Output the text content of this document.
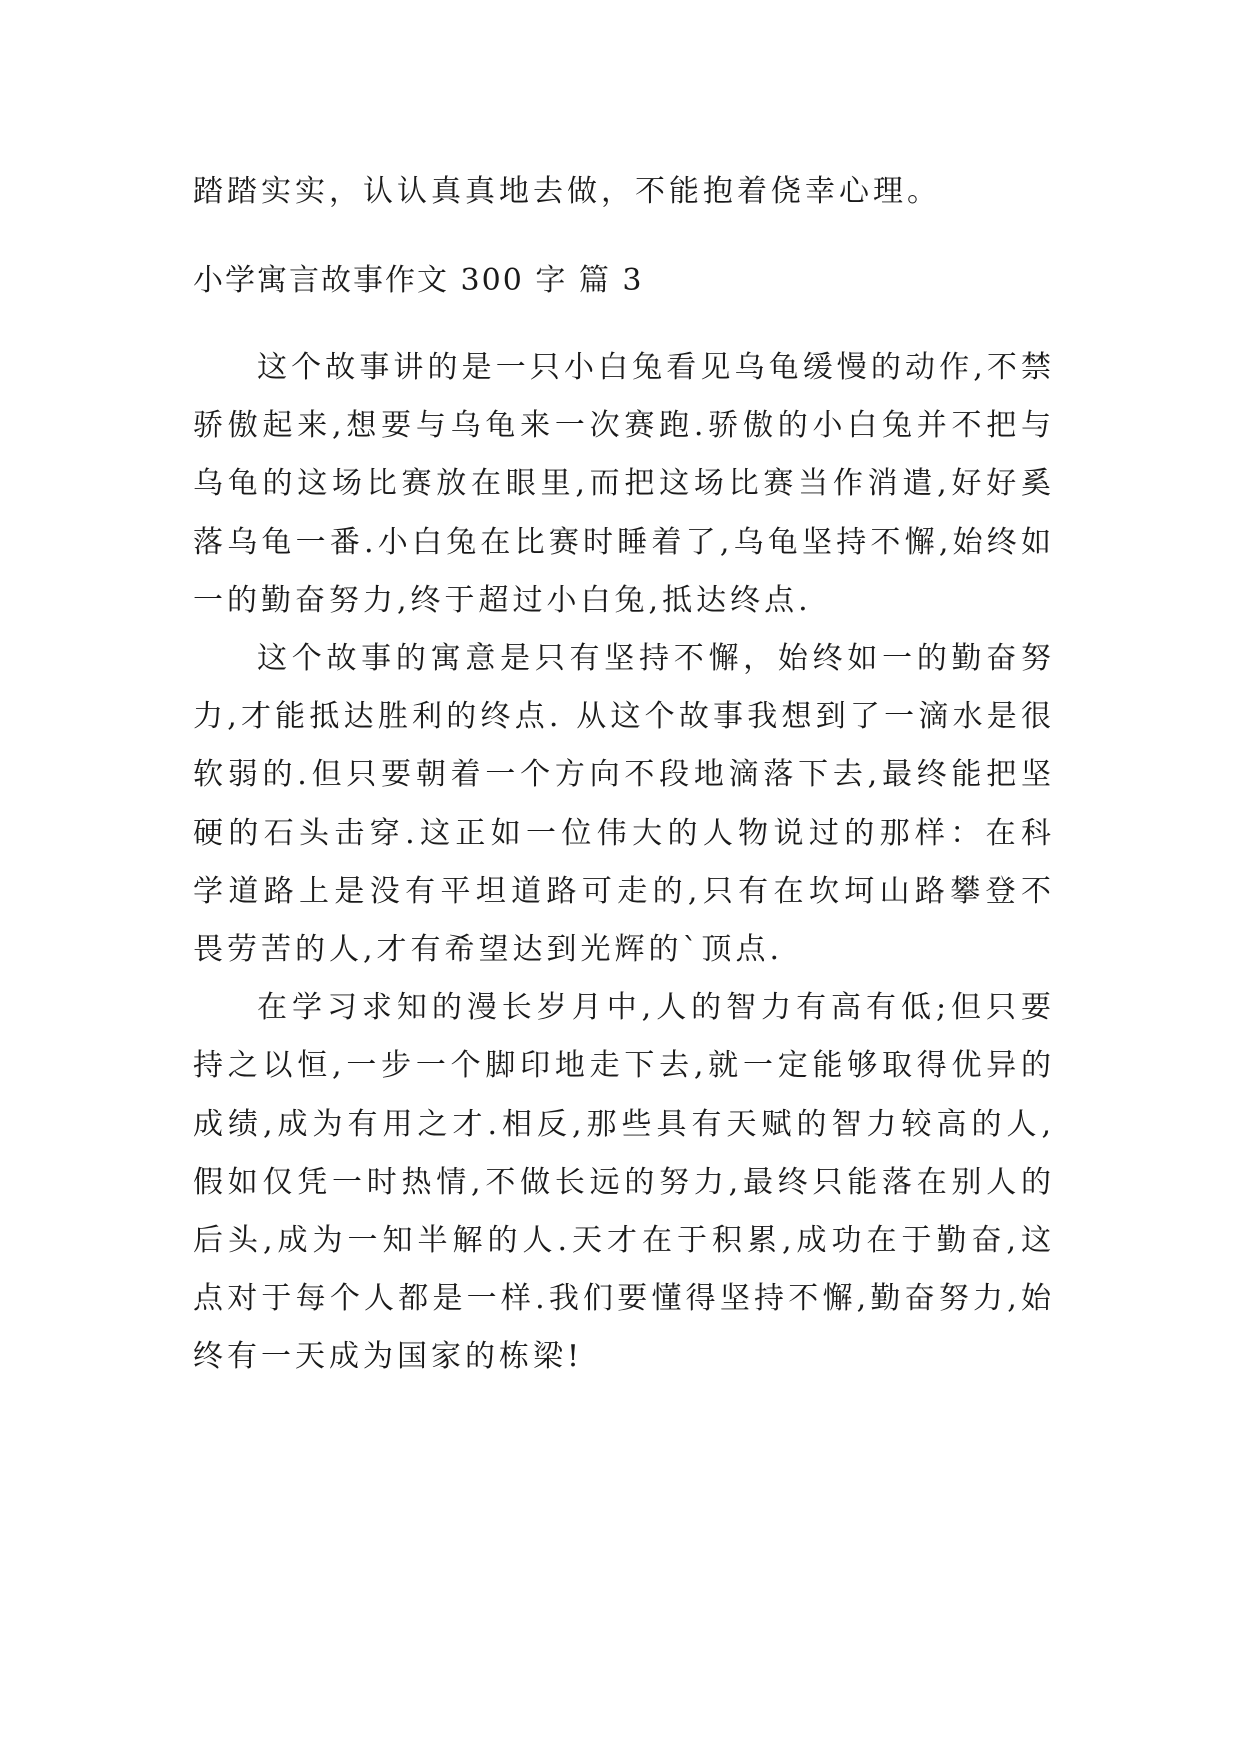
踏踏实实，认认真真地去做，不能抱着侥幸心理。
小学寓言故事作文 300 字 篇 3

这个故事讲的是一只小白兔看见乌龟缓慢的动作,不禁骄傲起来,想要与乌龟来一次赛跑.骄傲的小白兔并不把与乌龟的这场比赛放在眼里,而把这场比赛当作消遣,好好奚落乌龟一番.小白兔在比赛时睡着了,乌龟坚持不懈,始终如一的勤奋努力,终于超过小白兔,抵达终点.

这个故事的寓意是只有坚持不懈，始终如一的勤奋努力,才能抵达胜利的终点. 从这个故事我想到了一滴水是很软弱的.但只要朝着一个方向不段地滴落下去,最终能把坚硬的石头击穿.这正如一位伟大的人物说过的那样：在科学道路上是没有平坦道路可走的,只有在坎坷山路攀登不畏劳苦的人,才有希望达到光辉的`顶点.

在学习求知的漫长岁月中,人的智力有高有低;但只要持之以恒,一步一个脚印地走下去,就一定能够取得优异的成绩,成为有用之才.相反,那些具有天赋的智力较高的人,假如仅凭一时热情,不做长远的努力,最终只能落在别人的后头,成为一知半解的人.天才在于积累,成功在于勤奋,这点对于每个人都是一样.我们要懂得坚持不懈,勤奋努力,始终有一天成为国家的栋梁!
